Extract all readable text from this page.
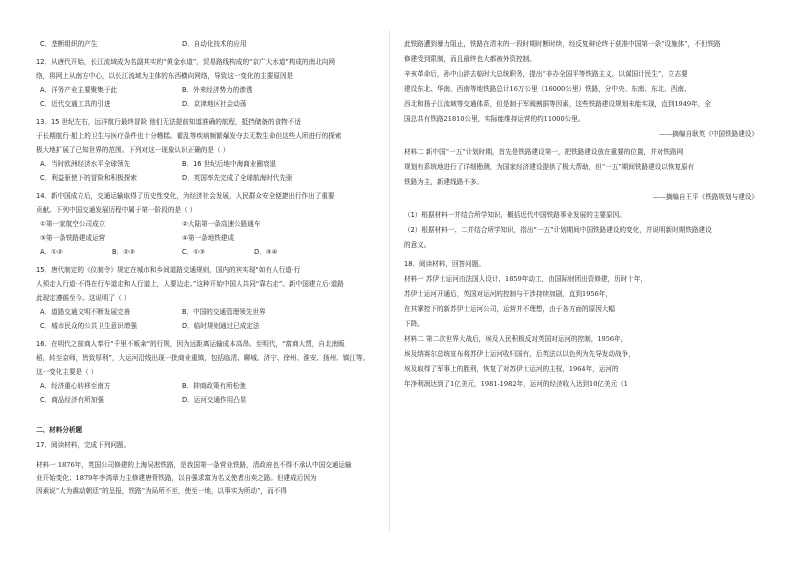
C．垄断组织的产生	D．自动化技术的应用
12．从唐代开始，长江流域成为名副其实的“黄金水道”，贸易路线构成的“京广大水道”构成的南北向网
络，将网上从南方中心，以长江流域为主体的东西横向网络，导致这一变化的主要原因是
A．洋务产业主要聚集于此	B．外来经济势力的渗透
C．近代交通工具的引进	D．京津地区社会动荡
13．15 世纪左右，远洋航行最终冒险 他们无法提前知道准确的航程，抵挡储备的食物不适
于长期航行·船上的卫生与医疗条件也十分糟糕。霍乱等疾病频繁爆发夺去无数生命但这些人所进行的探索
极大地扩展了已知世界的范围。下列对这一现象认识正确的是（ ）
A．当时欧洲经济水平全球领先	B．16 世纪后地中海商业圈衰退
C．利益驱使下的冒险和积极探索	D．英国率先完成了全球航海时代先驱
14．新中国成立后，交通运输取得了历史性变化，为经济社会发展，人民群众安全便捷出行作出了重要
贡献。下列中国交通发展历程中属于第一阶段的是（ ）
①第一家航空公司成立	②大陆第一条高速公路通车
③第一条铁路建成运营	④第一条地铁建成
A．①②	B．②③	C．①③	D．③④
15．唐代制定的《仪制令》规定在城市和乡间道路交通规则，国内的宾实现“如有人行道·行
人须走人行道·不得在行车道走和人行道上，人要边走。”这种开始中国人共同“靠右走”。新中国建立后·道路
此现定遵循至今。这说明了（ ）
A．道路交通文明不断发展完善	B．中国的交通管理领先世界
C．城市民众的公共卫生意识增强	D．临时规则通过已成定法
16．在明代之前商人奉行“千里不贩籴”的行规，因为远距离运输成本高昂。至明代，“富商大贾，自北南贩
稻，转至京师，皆致厚利”，大运河沿线出现一批商业重镇，包括临清、聊城、济宁、徐州、淮安、扬州、镇江等。
这一变化主要是（ ）
A．经济重心转移至南方	B．抑商政策有所松弛
C．商品经济有所加强	D．运河交通作用凸显
二、材料分析题
17．阅读材料，完成下列问题。
材料一 1876年，英国公司修建的上海吴淞铁路，是我国第一条营业铁路，清政府也不得不承认中国交通运输
业开始变化；1879年李鸿章力主修建唐胥铁路，以自强求富为名义使者出卖之路。但建成后因为
因素说“大为震动朝廷”的呈报，铁路“为局所不至，使至一地，以事实为所动”，而不得
此铁路遭到暴力阻止，铁路在清末的一段时期时断时续，经反复辩论终于获准中国第一条“设施体”，不但铁路
修建受到限制，而且最终也大都被外资控制。
辛亥革命后，孙中山辞去临时大总统职务，提出“非办全国平等铁路主义，以谋国计民生”，立志要
建设东北、华南、西南等地铁路总计16万公里（16000公里）铁路，分中央、东南、东北、西南、
西北和扬子江流域等交通体系，但是制于军阀割据等因素，这些铁路建设规划未能实现，直到1949年，全
国总共有铁路21810公里，实际能维持运营的约11000公里。
——摘编自耿英《中国铁路建设》
材料二 新中国“一五”计划时期，首先是铁路建设第一，把铁路建设放在重要的位置，并对铁路网
规划有系统地进行了详细勘测，为国家经济建设提供了极大帮助，但“一五”期间铁路建设以恢复原有
铁路为主，新建线路不多。
——摘编自王平《铁路规划与建设》
（1）根据材料一并结合所学知识，概括近代中国铁路事业发展的主要原因。
（2）根据材料一、二并结合所学知识，指出“一五”计划期间中国铁路建设的变化，并说明新时期铁路建设
的意义。
18．阅读材料，回答问题。
材料一 苏伊士运河由法国人设计，1859年动工，由国际财团出资修建，历时十年，
苏伊士运河开通后，英国对运河的控制与干涉持续加剧，直到1956年，
在其掌控下的新苏伊士运河公司，运营并不理想，由于各方面的原因大幅
下降。
材料二 第二次世界大战后，埃及人民积极反对英国对运河的控制，1956年，
埃及纳赛尔总统宣布将苏伊士运河收归国有，后英法以以色列为先导发动战争，
埃及取得了军事上的胜利，恢复了对苏伊士运河的主权，1964年，运河的
年净利润达到了1亿美元，1981-1982年，运河的经济收入达到10亿美元（1
